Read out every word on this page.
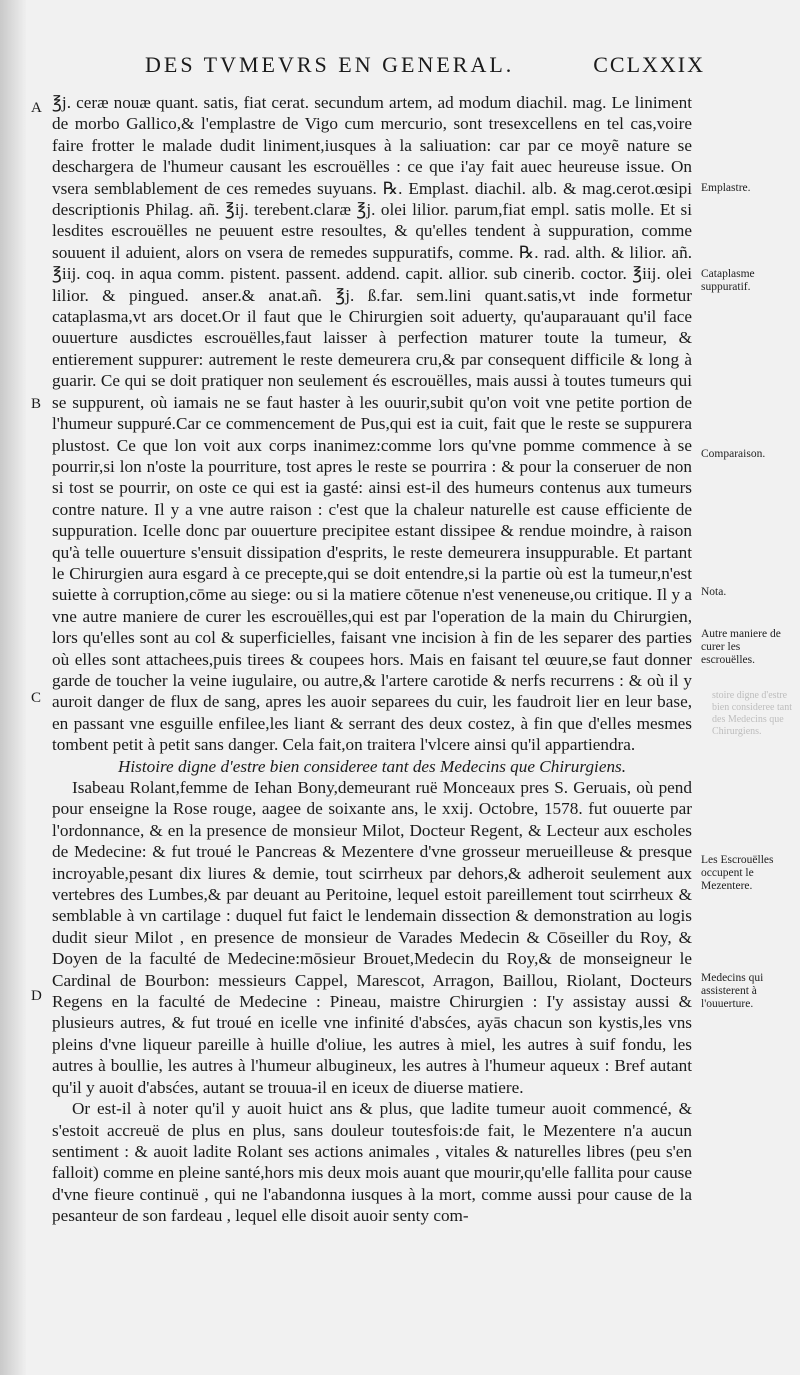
DES TVMEVRS EN GENERAL.	CCLXXIX
A
B
C
D

℥j. ceræ nouæ quant. satis, fiat cerat. secundum artem, ad modum diachil. mag. Le liniment de morbo Gallico,& l'emplastre de Vigo cum mercurio, sont tresexcellens en tel cas,voire faire frotter le malade dudit liniment,iusques à la saliuation: car par ce moyẽ nature se deschargera de l'humeur causant les escrouëlles : ce que i'ay fait auec heureuse issue. On vsera semblablement de ces remedes suyuans. ℞. Emplast. diachil. alb. & mag.cerot.œsipi descriptionis Philag. añ. ℥ij. terebent.claræ ℥j. olei lilior. parum,fiat empl. satis molle. Et si lesdites escrouëlles ne peuuent estre resoultes, & qu'elles tendent à suppuration, comme souuent il aduient, alors on vsera de remedes suppuratifs, comme. ℞. rad. alth. & lilior. añ. ℥iij. coq. in aqua comm. pistent. passent. addend. capit. allior. sub cinerib. coctor. ℥iij. olei lilior. & pingued. anser.& anat.añ. ℥j. ß.far. sem.lini quant.satis,vt inde formetur cataplasma,vt ars docet.Or il faut que le Chirurgien soit aduerty, qu'auparauant qu'il face ouuerture ausdictes escrouëlles,faut laisser à perfection maturer toute la tumeur, & entierement suppurer: autrement le reste demeurera cru,& par consequent difficile & long à guarir. Ce qui se doit pratiquer non seulement és escrouëlles, mais aussi à toutes tumeurs qui se suppurent, où iamais ne se faut haster à les ouurir,subit qu'on voit vne petite portion de l'humeur suppuré.Car ce commencement de Pus,qui est ia cuit, fait que le reste se suppurera plustost. Ce que lon voit aux corps inanimez:comme lors qu'vne pomme commence à se pourrir,si lon n'oste la pourriture, tost apres le reste se pourrira : & pour la conseruer de non si tost se pourrir, on oste ce qui est ia gasté: ainsi est-il des humeurs contenus aux tumeurs contre nature. Il y a vne autre raison : c'est que la chaleur naturelle est cause efficiente de suppuration. Icelle donc par ouuerture precipitee estant dissipee & rendue moindre, à raison qu'à telle ouuerture s'ensuit dissipation d'esprits, le reste demeurera insuppurable. Et partant le Chirurgien aura esgard à ce precepte,qui se doit entendre,si la partie où est la tumeur,n'est suiette à corruption,cōme au siege: ou si la matiere cōtenue n'est veneneuse,ou critique. Il y a vne autre maniere de curer les escrouëlles,qui est par l'operation de la main du Chirurgien, lors qu'elles sont au col & superficielles, faisant vne incision à fin de les separer des parties où elles sont attachees,puis tirees & coupees hors. Mais en faisant tel œuure,se faut donner garde de toucher la veine iugulaire, ou autre,& l'artere carotide & nerfs recurrens : & où il y auroit danger de flux de sang, apres les auoir separees du cuir, les faudroit lier en leur base, en passant vne esguille enfilee,les liant & serrant des deux costez, à fin que d'elles mesmes tombent petit à petit sans danger. Cela fait,on traitera l'vlcere ainsi qu'il appartiendra.

Histoire digne d'estre bien consideree tant des Medecins que Chirurgiens.

Isabeau Rolant,femme de Iehan Bony,demeurant ruë Monceaux pres S. Geruais, où pend pour enseigne la Rose rouge, aagee de soixante ans, le xxij. Octobre, 1578. fut ouuerte par l'ordonnance, & en la presence de monsieur Milot, Docteur Regent, & Lecteur aux escholes de Medecine: & fut troué le Pancreas & Mezentere d'vne grosseur merueilleuse & presque incroyable,pesant dix liures & demie, tout scirrheux par dehors,& adheroit seulement aux vertebres des Lumbes,& par deuant au Peritoine, lequel estoit pareillement tout scirrheux & semblable à vn cartilage : duquel fut faict le lendemain dissection & demonstration au logis dudit sieur Milot , en presence de monsieur de Varades Medecin & Cōseiller du Roy, & Doyen de la faculté de Medecine:mōsieur Brouet,Medecin du Roy,& de monseigneur le Cardinal de Bourbon: messieurs Cappel, Marescot, Arragon, Baillou, Riolant, Docteurs Regens en la faculté de Medecine : Pineau, maistre Chirurgien : I'y assistay aussi & plusieurs autres, & fut troué en icelle vne infinité d'absćes, ayās chacun son kystis,les vns pleins d'vne liqueur pareille à huille d'oliue, les autres à miel, les autres à suif fondu, les autres à boullie, les autres à l'humeur albugineux, les autres à l'humeur aqueux : Bref autant qu'il y auoit d'absćes, autant se trouua-il en iceux de diuerse matiere.

Or est-il à noter qu'il y auoit huict ans & plus, que ladite tumeur auoit commencé, & s'estoit accreuë de plus en plus, sans douleur toutesfois:de fait, le Mezentere n'a aucun sentiment : & auoit ladite Rolant ses actions animales , vitales & naturelles libres (peu s'en falloit) comme en pleine santé,hors mis deux mois auant que mourir,qu'elle fallita pour cause d'vne fieure continuë , qui ne l'abandonna iusques à la mort, comme aussi pour cause de la pesanteur de son fardeau , lequel elle disoit auoir senty com-

Emplastre.
Cataplasme suppuratif.
Comparaison.
Nota.
Autre maniere de curer les escrouëlles.
Les Escrouëlles occupent le Mezentere.
Medecins qui assisterent à l'ouuerture.
stoire digne d'estre bien consideree tant des Medecins que Chirurgiens.
